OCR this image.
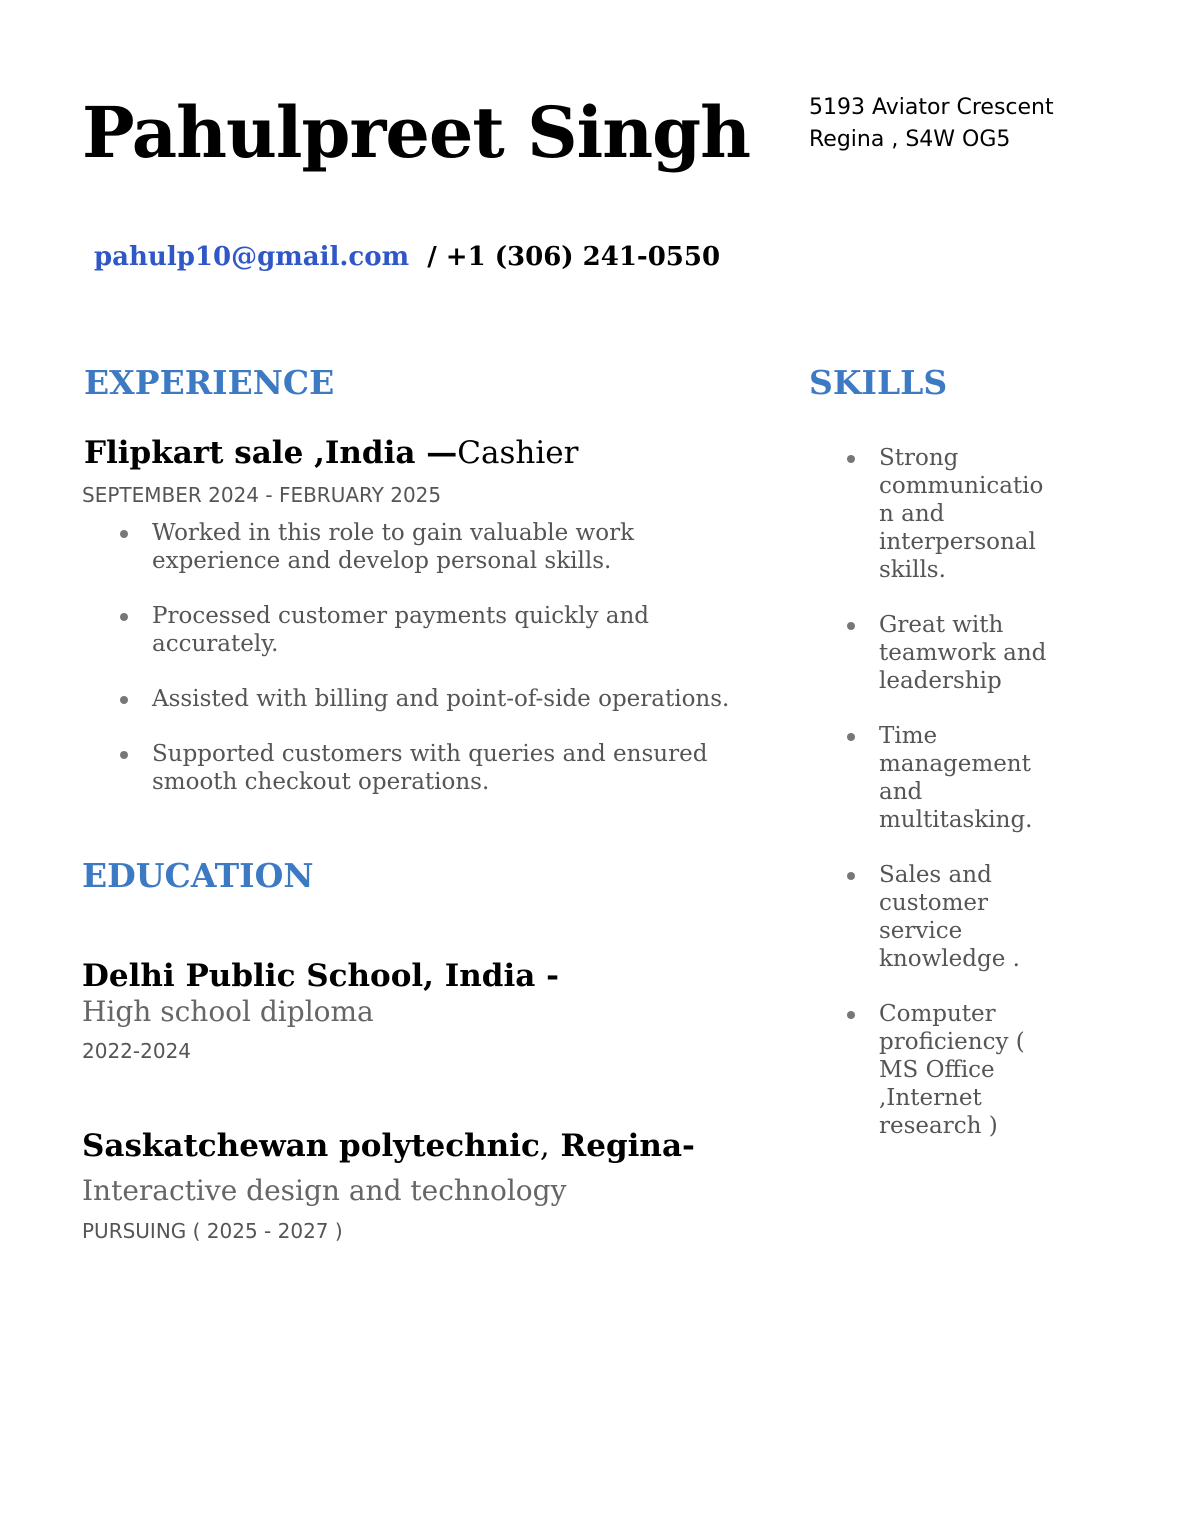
Pahulpreet Singh	5193 Aviator Crescent
Regina , S4W OG5
pahulp10@gmail.com / +1 (306) 241-0550
EXPERIENCE
Flipkart sale ,India —Cashier
SEPTEMBER 2024 - FEBRUARY 2025
Worked in this role to gain valuable work experience and develop personal skills.
Processed customer payments quickly and accurately.
Assisted with billing and point-of-side operations.
Supported customers with queries and ensured smooth checkout operations.
EDUCATION
Delhi Public School, India -
High school diploma
2022-2024
Saskatchewan polytechnic, Regina-
Interactive design and technology
PURSUING ( 2025 - 2027 )
SKILLS
Strong communicatio n and interpersonal skills.
Great with teamwork and leadership
Time management and multitasking.
Sales and customer service knowledge .
Computer proficiency ( MS Office ,Internet research )
